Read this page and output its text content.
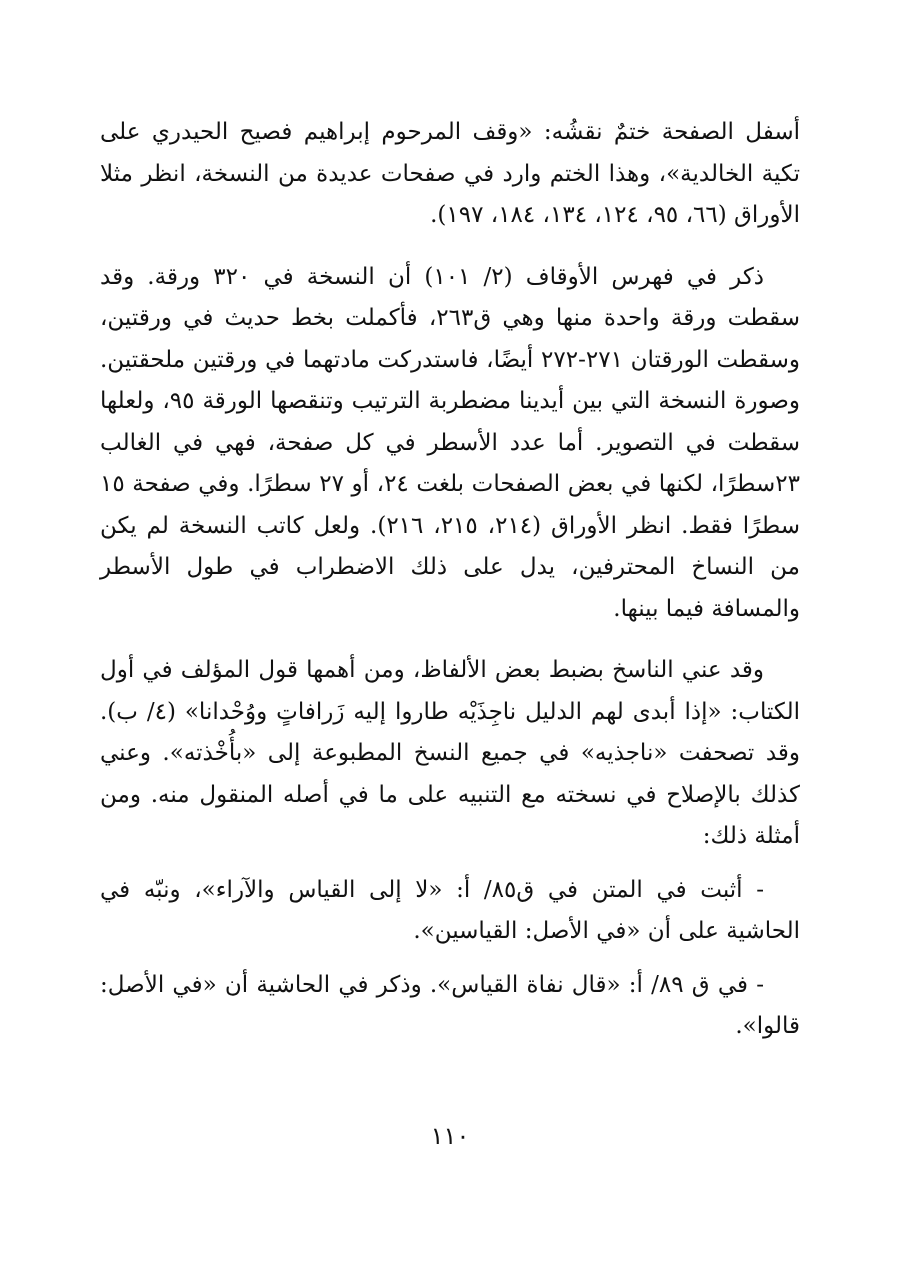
أسفل الصفحة ختمٌ نقشُه: «وقف المرحوم إبراهيم فصيح الحيدري على تكية الخالدية»، وهذا الختم وارد في صفحات عديدة من النسخة، انظر مثلا الأوراق (٦٦، ٩٥، ١٢٤، ١٣٤، ١٨٤، ١٩٧).

ذكر في فهرس الأوقاف (٢/ ١٠١) أن النسخة في ٣٢٠ ورقة. وقد سقطت ورقة واحدة منها وهي ق٢٦٣، فأكملت بخط حديث في ورقتين، وسقطت الورقتان ٢٧١-٢٧٢ أيضًا، فاستدركت مادتهما في ورقتين ملحقتين. وصورة النسخة التي بين أيدينا مضطربة الترتيب وتنقصها الورقة ٩٥، ولعلها سقطت في التصوير. أما عدد الأسطر في كل صفحة، فهي في الغالب ٢٣سطرًا، لكنها في بعض الصفحات بلغت ٢٤، أو ٢٧ سطرًا. وفي صفحة ١٥ سطرًا فقط. انظر الأوراق (٢١٤، ٢١٥، ٢١٦). ولعل كاتب النسخة لم يكن من النساخ المحترفين، يدل على ذلك الاضطراب في طول الأسطر والمسافة فيما بينها.

وقد عني الناسخ بضبط بعض الألفاظ، ومن أهمها قول المؤلف في أول الكتاب: «إذا أبدى لهم الدليل ناجِذَيْه طاروا إليه زَرافاتٍ ووُحْدانا» (٤/ ب). وقد تصحفت «ناجذيه» في جميع النسخ المطبوعة إلى «بأُخْذته». وعني كذلك بالإصلاح في نسخته مع التنبيه على ما في أصله المنقول منه. ومن أمثلة ذلك:

- أثبت في المتن في ق٨٥/ أ: «لا إلى القياس والآراء»، ونبّه في الحاشية على أن «في الأصل: القياسين».

- في ق ٨٩/ أ: «قال نفاة القياس». وذكر في الحاشية أن «في الأصل: قالوا».

١١٠
